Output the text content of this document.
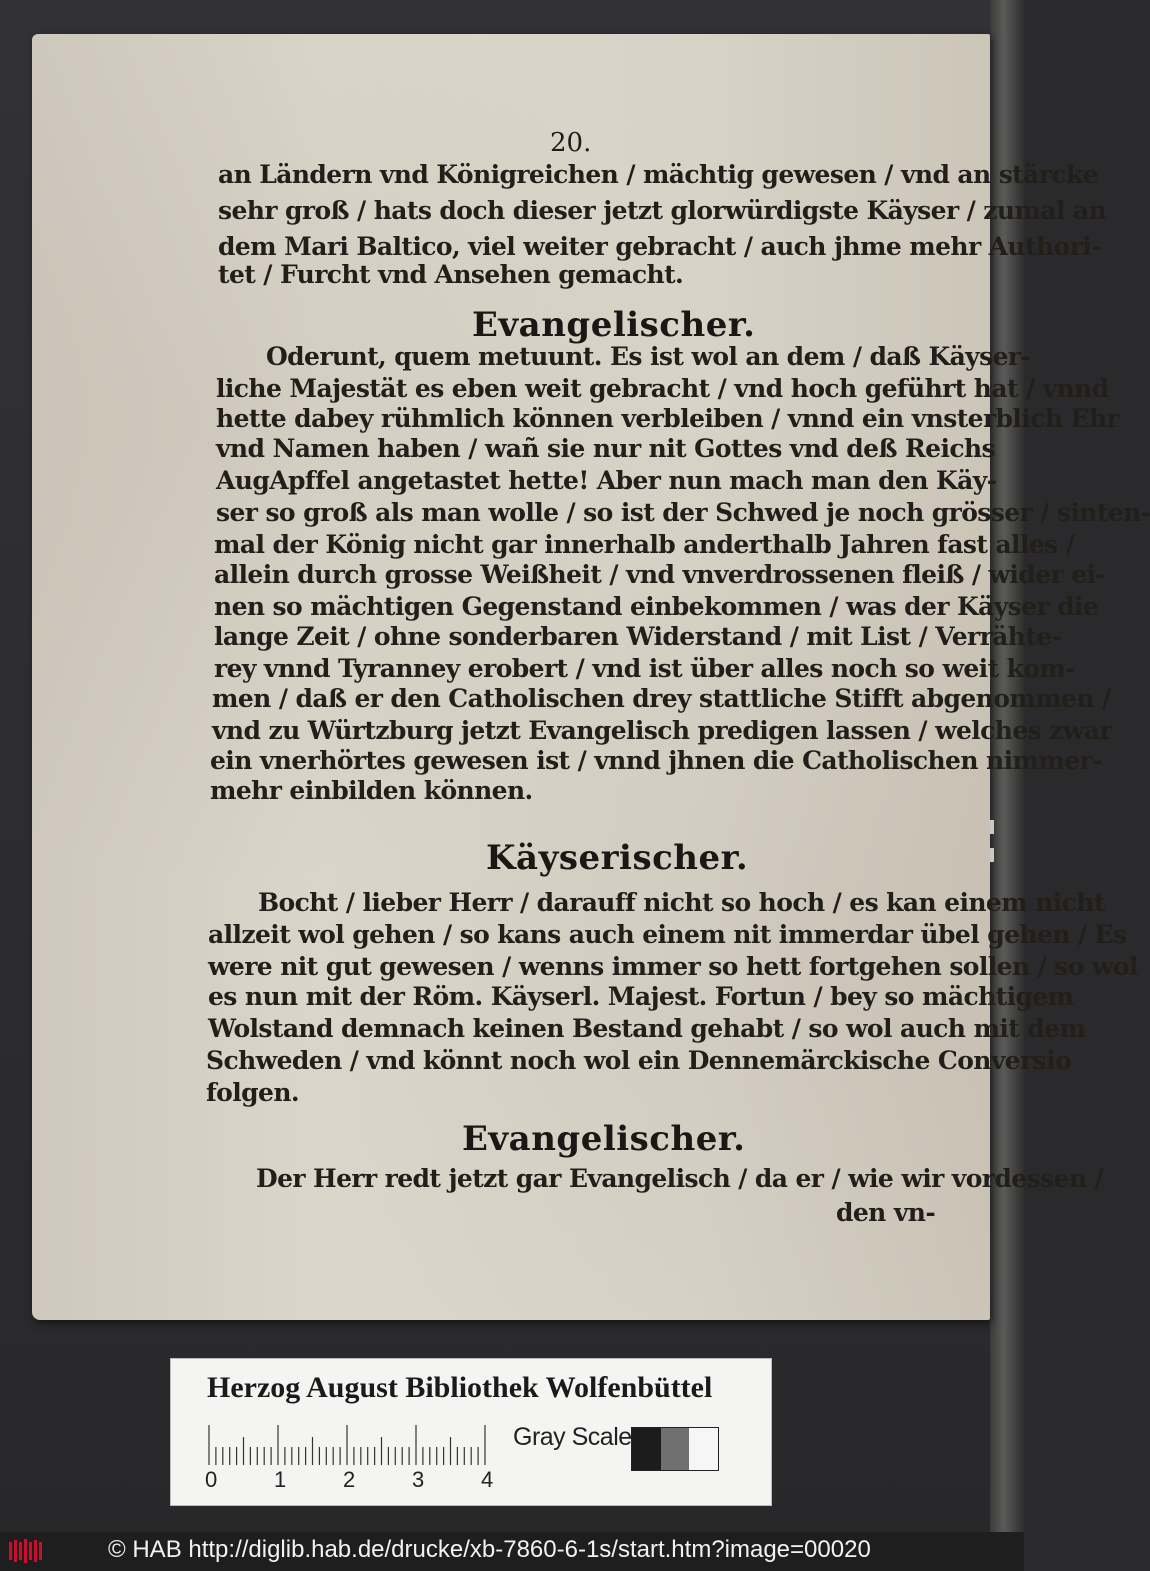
20.
an Ländern vnd Königreichen / mächtig gewesen / vnd an stärcke
sehr groß / hats doch dieser jetzt glorwürdigste Käyser / zumal an
dem Mari Baltico, viel weiter gebracht / auch jhme mehr Authori-
tet / Furcht vnd Ansehen gemacht.
Evangelischer.
Oderunt, quem metuunt. Es ist wol an dem / daß Käyser-
liche Majestät es eben weit gebracht / vnd hoch geführt hat / vnnd
hette dabey rühmlich können verbleiben / vnnd ein vnsterblich Ehr
vnd Namen haben / wañ sie nur nit Gottes vnd deß Reichs
AugApffel angetastet hette! Aber nun mach man den Käy-
ser so groß als man wolle / so ist der Schwed je noch grösser / sinten-
mal der König nicht gar innerhalb anderthalb Jahren fast alles /
allein durch grosse Weißheit / vnd vnverdrossenen fleiß / wider ei-
nen so mächtigen Gegenstand einbekommen / was der Käyser die
lange Zeit / ohne sonderbaren Widerstand / mit List / Verrähte-
rey vnnd Tyranney erobert / vnd ist über alles noch so weit kom-
men / daß er den Catholischen drey stattliche Stifft abgenommen /
vnd zu Würtzburg jetzt Evangelisch predigen lassen / welches zwar
ein vnerhörtes gewesen ist / vnnd jhnen die Catholischen nimmer-
mehr einbilden können.
Käyserischer.
Bocht / lieber Herr / darauff nicht so hoch / es kan einem nicht
allzeit wol gehen / so kans auch einem nit immerdar übel gehen / Es
were nit gut gewesen / wenns immer so hett fortgehen sollen / so wol
es nun mit der Röm. Käyserl. Majest. Fortun / bey so mächtigem
Wolstand demnach keinen Bestand gehabt / so wol auch mit dem
Schweden / vnd könnt noch wol ein Dennemärckische Conversio
folgen.
Evangelischer.
Der Herr redt jetzt gar Evangelisch / da er / wie wir vordessen /
den vn-
Herzog August Bibliothek Wolfenbüttel
0	1	2	3	4
Gray Scale
© HAB http://diglib.hab.de/drucke/xb-7860-6-1s/start.htm?image=00020
